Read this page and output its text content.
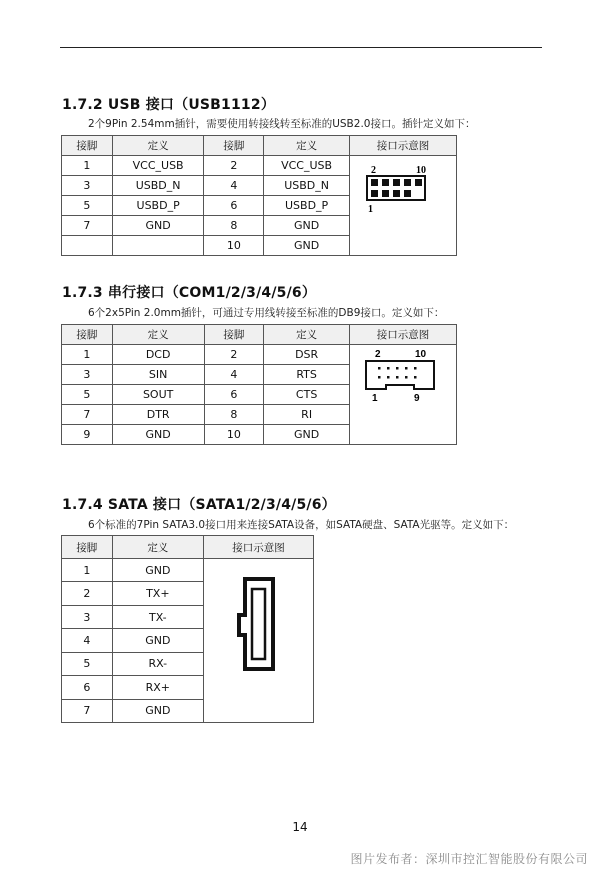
1.7.2 USB 接口（USB1112）
2个9Pin 2.54mm插针，需要使用转接线转至标准的USB2.0接口。插针定义如下：
接脚	定义	接脚	定义	接口示意图
1	VCC_USB	2	VCC_USB	2 10
1

3	USBD_N	4	USBD_N	
5	USBD_P	6	USBD_P	
7	GND	8	GND	
		10	GND	
1.7.3 串行接口（COM1/2/3/4/5/6）
6个2x5Pin 2.0mm插针，可通过专用线转接至标准的DB9接口。定义如下：
接脚	定义	接脚	定义	接口示意图
1	DCD	2	DSR	2 10
1 9

3	SIN	4	RTS	
5	SOUT	6	CTS	
7	DTR	8	RI	
9	GND	10	GND	
1.7.4 SATA 接口（SATA1/2/3/4/5/6）
6个标准的7Pin SATA3.0接口用来连接SATA设备，如SATA硬盘、SATA光驱等。定义如下：
接脚	定义	接口示意图
1	GND	
2	TX+	
3	TX-	
4	GND	
5	RX-	
6	RX+	
7	GND	
14
图片发布者：深圳市控汇智能股份有限公司
